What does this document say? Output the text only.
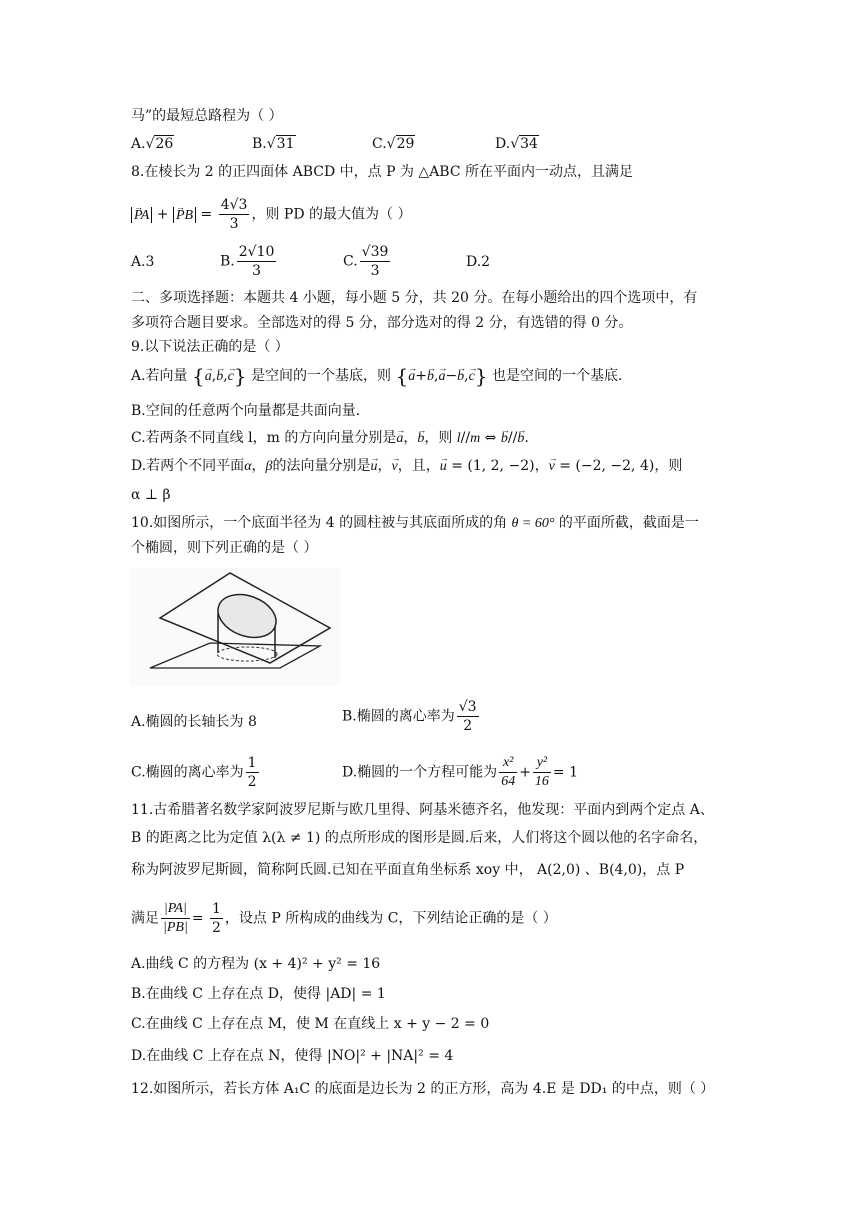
马”的最短总路程为（ ）
A.√26	B.√31	C.√29	D.√34
8.在棱长为 2 的正四面体 ABCD 中，点 P 为 △ABC 所在平面内一动点，且满足
→ PA + → PB = $\frac{4√3}{3}$ ，则 PD 的最大值为（ ）
A.3	B. $\frac{2√10}{3}$	C. $\frac{√39}{3}$	D.2
二、多项选择题：本题共 4 小题，每小题 5 分，共 20 分。在每小题给出的四个选项中，有
多项符合题目要求。全部选对的得 5 分，部分选对的得 2 分，有选错的得 0 分。
9.以下说法正确的是（ ）
A.若向量 {→ a,→ b,→ c} 是空间的一个基底，则 {→ a+→ b,→ a−→ b,→ c} 也是空间的一个基底.
B.空间的任意两个向量都是共面向量.
C.若两条不同直线 l，m 的方向向量分别是→ a，→ b，则 l//m ⇔ → b//→ b.
D.若两个不同平面α，β的法向量分别是→ u，→ v，且，→ u = (1, 2, −2)，→ v = (−2, −2, 4)，则
α ⊥ β
10.如图所示，一个底面半径为 4 的圆柱被与其底面所成的角 θ = 60° 的平面所截，截面是一
个椭圆，则下列正确的是（ ）
A.椭圆的长轴长为 8	B.椭圆的离心率为 $\frac{√3}{2}$
C.椭圆的离心率为 $\frac{1}{2}$	D.椭圆的一个方程可能为 $\frac{\text{x²}}{64} + \frac{\text{y²}}{16} = 1$
11.古希腊著名数学家阿波罗尼斯与欧几里得、阿基米德齐名，他发现：平面内到两个定点 A、
B 的距离之比为定值 λ(λ ≠ 1) 的点所形成的图形是圆.后来，人们将这个圆以他的名字命名，
称为阿波罗尼斯圆，简称阿氏圆.已知在平面直角坐标系 xoy 中， A(2,0) 、B(4,0)，点 P
满足 $\frac{|PA|}{|PB|} = \frac{1}{2}$ ，设点 P 所构成的曲线为 C，下列结论正确的是（ ）
A.曲线 C 的方程为 (x + 4)² + y² = 16
B.在曲线 C 上存在点 D，使得 |AD| = 1
C.在曲线 C 上存在点 M，使 M 在直线上 x + y − 2 = 0
D.在曲线 C 上存在点 N，使得 |NO|² + |NA|² = 4
12.如图所示，若长方体 A₁C 的底面是边长为 2 的正方形，高为 4.E 是 DD₁ 的中点，则（ ）
